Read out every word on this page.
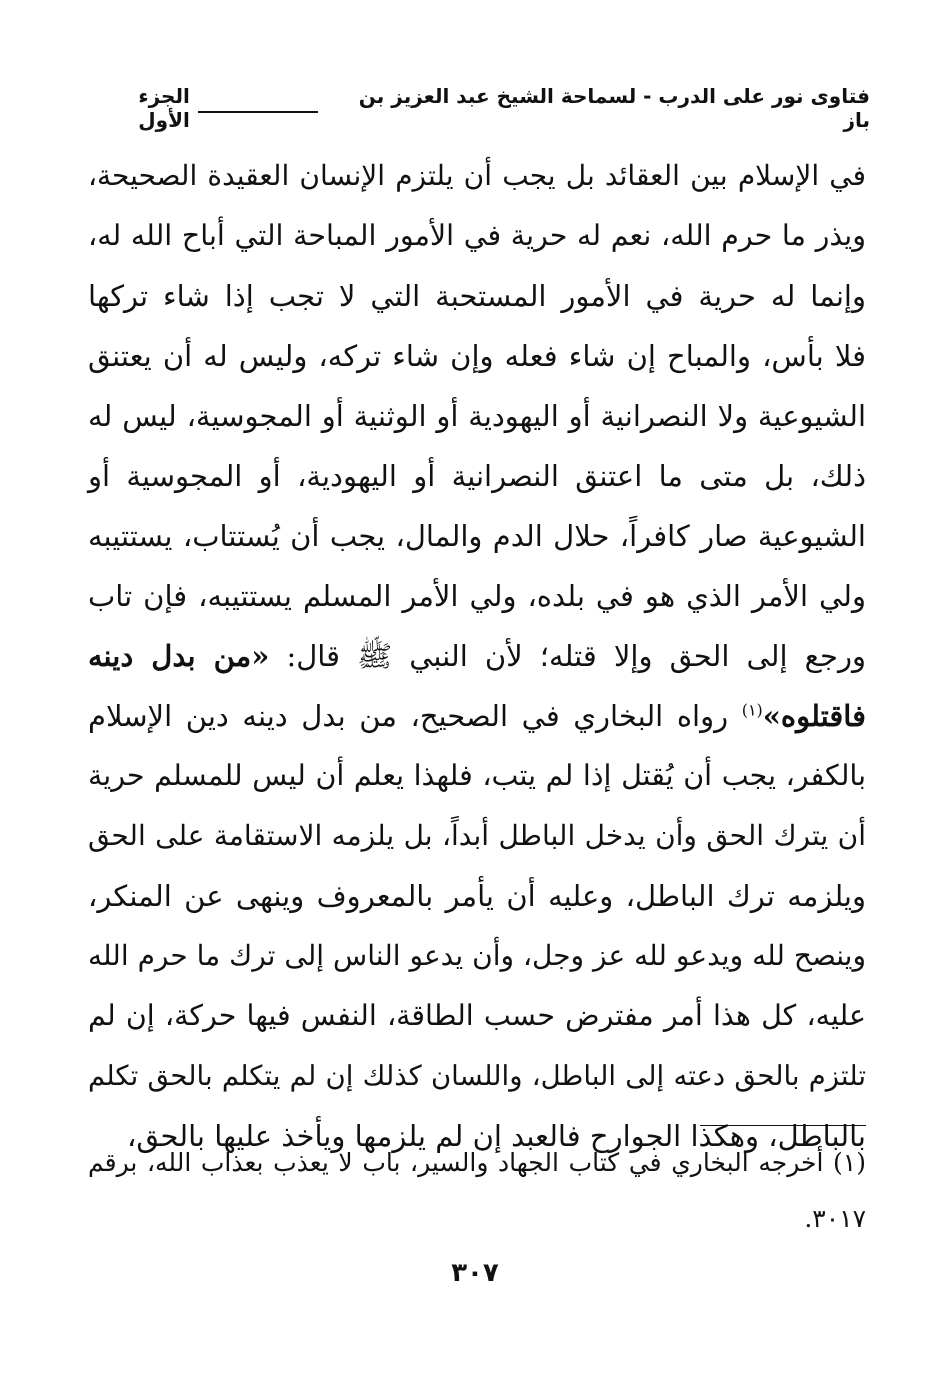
فتاوى نور على الدرب - لسماحة الشيخ عبد العزيز بن باز
الجزء الأول
في الإسلام بين العقائد بل يجب أن يلتزم الإنسان العقيدة الصحيحة،
ويذر ما حرم الله، نعم له حرية في الأمور المباحة التي أباح الله له،
وإنما له حرية في الأمور المستحبة التي لا تجب إذا شاء تركها
فلا بأس، والمباح إن شاء فعله وإن شاء تركه، وليس له أن يعتنق
الشيوعية ولا النصرانية أو اليهودية أو الوثنية أو المجوسية، ليس له
ذلك، بل متى ما اعتنق النصرانية أو اليهودية، أو المجوسية أو
الشيوعية صار كافراً، حلال الدم والمال، يجب أن يُستتاب، يستتيبه
ولي الأمر الذي هو في بلده، ولي الأمر المسلم يستتيبه، فإن تاب
ورجع إلى الحق وإلا قتله؛ لأن النبي ﷺ قال: «من بدل دينه
فاقتلوه»$^{(١)}$ رواه البخاري في الصحيح، من بدل دينه دين الإسلام
بالكفر، يجب أن يُقتل إذا لم يتب، فلهذا يعلم أن ليس للمسلم حرية
أن يترك الحق وأن يدخل الباطل أبداً، بل يلزمه الاستقامة على الحق
ويلزمه ترك الباطل، وعليه أن يأمر بالمعروف وينهى عن المنكر،
وينصح لله ويدعو لله عز وجل، وأن يدعو الناس إلى ترك ما حرم الله
عليه، كل هذا أمر مفترض حسب الطاقة، النفس فيها حركة، إن لم
تلتزم بالحق دعته إلى الباطل، واللسان كذلك إن لم يتكلم بالحق تكلم
بالباطل، وهكذا الجوارح فالعبد إن لم يلزمها ويأخذ عليها بالحق،
(١) أخرجه البخاري في كتاب الجهاد والسير، باب لا يعذب بعذاب الله، برقم
٣٠١٧.
٣٠٧
